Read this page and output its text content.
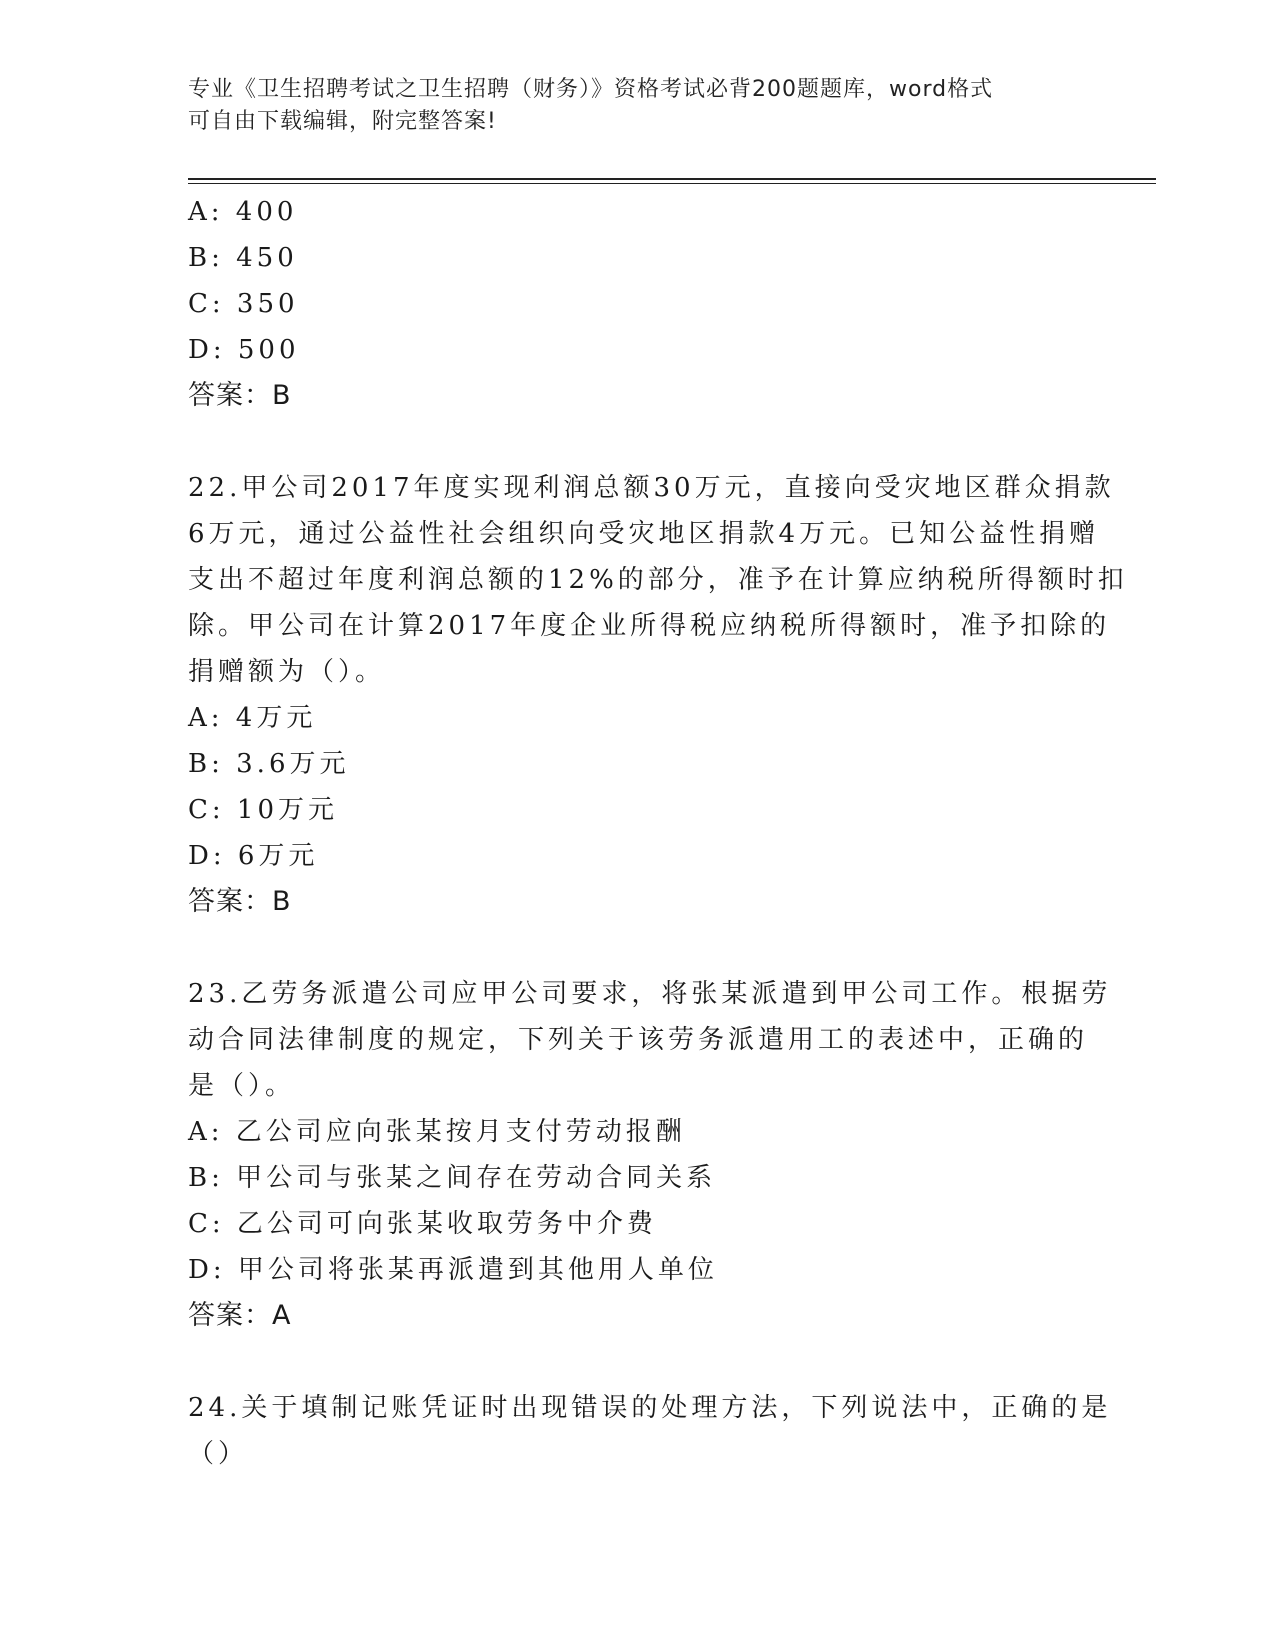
专业《卫生招聘考试之卫生招聘（财务）》资格考试必背200题题库，word格式
可自由下载编辑，附完整答案!
A: 400
B: 450
C: 350
D: 500
答案：B
22.甲公司2017年度实现利润总额30万元，直接向受灾地区群众捐款
6万元，通过公益性社会组织向受灾地区捐款4万元。已知公益性捐赠
支出不超过年度利润总额的12%的部分，准予在计算应纳税所得额时扣
除。甲公司在计算2017年度企业所得税应纳税所得额时，准予扣除的
捐赠额为（）。
A: 4万元
B: 3.6万元
C: 10万元
D: 6万元
答案：B
23.乙劳务派遣公司应甲公司要求，将张某派遣到甲公司工作。根据劳
动合同法律制度的规定，下列关于该劳务派遣用工的表述中，正确的
是（）。
A: 乙公司应向张某按月支付劳动报酬
B: 甲公司与张某之间存在劳动合同关系
C: 乙公司可向张某收取劳务中介费
D: 甲公司将张某再派遣到其他用人单位
答案：A
24.关于填制记账凭证时出现错误的处理方法，下列说法中，正确的是
（）
